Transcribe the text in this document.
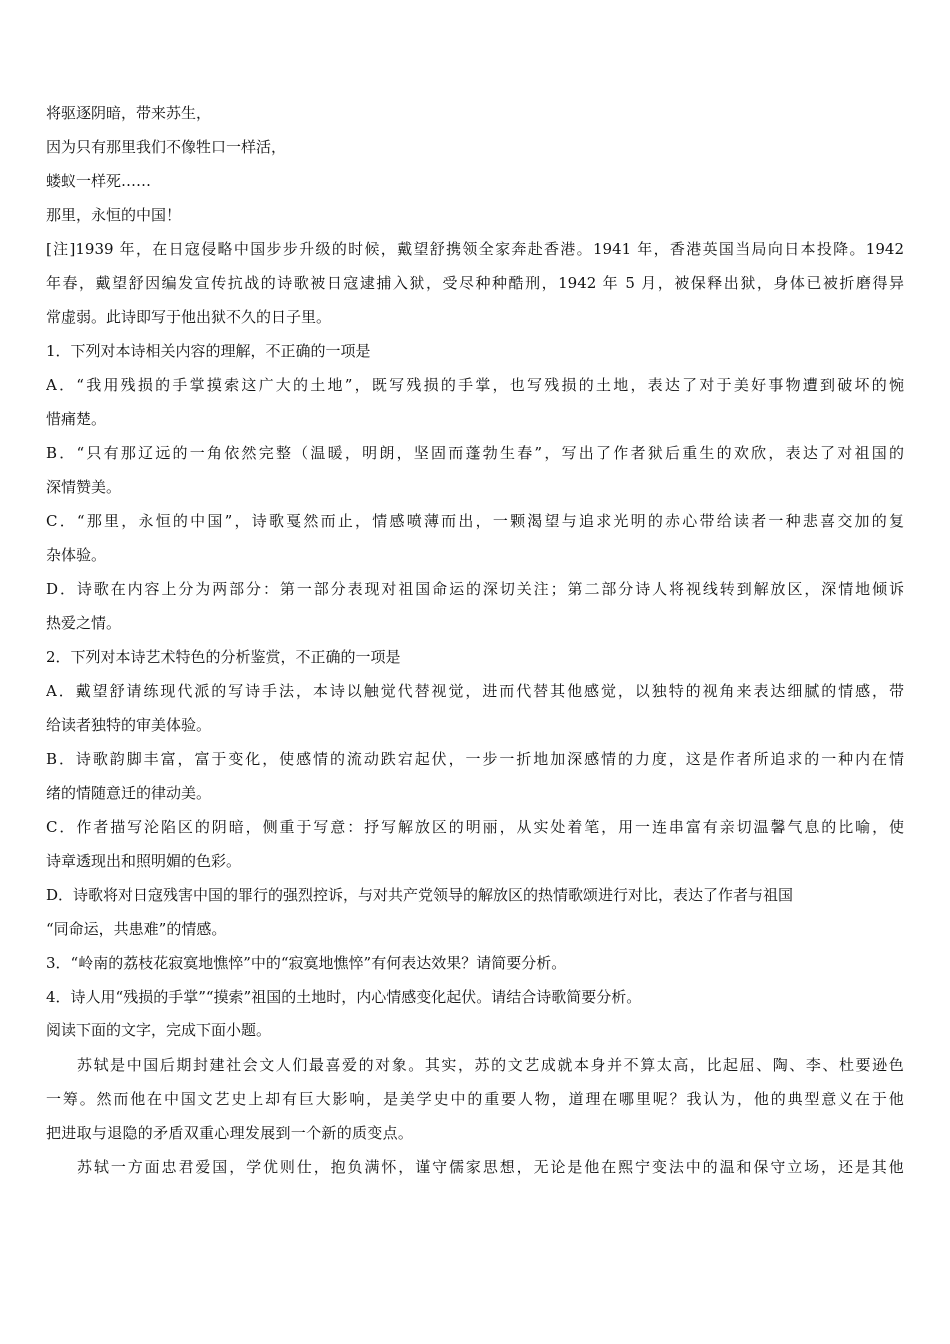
将驱逐阴暗，带来苏生，
因为只有那里我们不像牲口一样活，
蝼蚁一样死……
那里，永恒的中国！
[注]1939 年，在日寇侵略中国步步升级的时候，戴望舒携领全家奔赴香港。1941 年，香港英国当局向日本投降。1942
年春，戴望舒因编发宣传抗战的诗歌被日寇逮捕入狱，受尽种种酷刑，1942 年 5 月，被保释出狱，身体已被折磨得异
常虚弱。此诗即写于他出狱不久的日子里。
1．下列对本诗相关内容的理解，不正确的一项是
A．“我用残损的手掌摸索这广大的土地”，既写残损的手掌，也写残损的土地，表达了对于美好事物遭到破坏的惋
惜痛楚。
B．“只有那辽远的一角依然完整（温暖，明朗，坚固而蓬勃生春”，写出了作者狱后重生的欢欣，表达了对祖国的
深情赞美。
C．“那里，永恒的中国”，诗歌戛然而止，情感喷薄而出，一颗渴望与追求光明的赤心带给读者一种悲喜交加的复
杂体验。
D．诗歌在内容上分为两部分：第一部分表现对祖国命运的深切关注；第二部分诗人将视线转到解放区，深情地倾诉
热爱之情。
2．下列对本诗艺术特色的分析鉴赏，不正确的一项是
A．戴望舒请练现代派的写诗手法，本诗以触觉代替视觉，进而代替其他感觉，以独特的视角来表达细腻的情感，带
给读者独特的审美体验。
B．诗歌韵脚丰富，富于变化，使感情的流动跌宕起伏，一步一折地加深感情的力度，这是作者所追求的一种内在情
绪的情随意迁的律动美。
C．作者描写沦陷区的阴暗，侧重于写意：抒写解放区的明丽，从实处着笔，用一连串富有亲切温馨气息的比喻，使
诗章透现出和照明媚的色彩。
D．诗歌将对日寇残害中国的罪行的强烈控诉，与对共产党领导的解放区的热情歌颂进行对比，表达了作者与祖国
“同命运，共患难”的情感。
3．“岭南的荔枝花寂寞地憔悴”中的“寂寞地憔悴”有何表达效果？请简要分析。
4．诗人用“残损的手掌”“摸索”祖国的土地时，内心情感变化起伏。请结合诗歌简要分析。
阅读下面的文字，完成下面小题。
苏轼是中国后期封建社会文人们最喜爱的对象。其实，苏的文艺成就本身并不算太高，比起屈、陶、李、杜要逊色
一筹。然而他在中国文艺史上却有巨大影响，是美学史中的重要人物，道理在哪里呢？我认为，他的典型意义在于他
把进取与退隐的矛盾双重心理发展到一个新的质变点。
苏轼一方面忠君爱国，学优则仕，抱负满怀，谨守儒家思想，无论是他在熙宁变法中的温和保守立场，还是其他
